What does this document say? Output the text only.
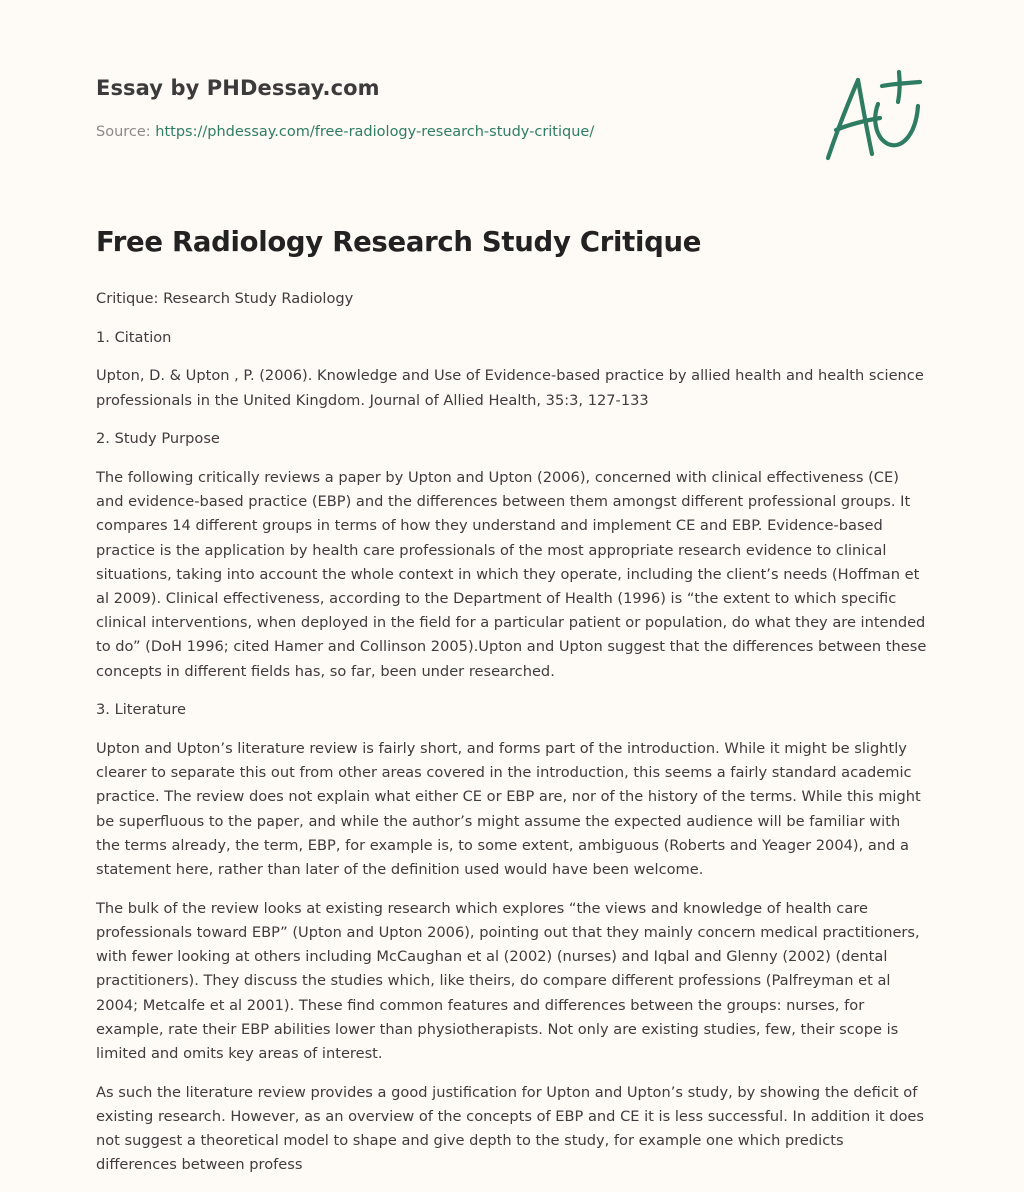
Essay by PHDessay.com
Source: https://phdessay.com/free-radiology-research-study-critique/
Free Radiology Research Study Critique

Critique: Research Study Radiology

1. Citation

Upton, D. & Upton , P. (2006). Knowledge and Use of Evidence-based practice by allied health and health science professionals in the United Kingdom. Journal of Allied Health, 35:3, 127-133

2. Study Purpose

The following critically reviews a paper by Upton and Upton (2006), concerned with clinical effectiveness (CE) and evidence-based practice (EBP) and the differences between them amongst different professional groups. It compares 14 different groups in terms of how they understand and implement CE and EBP. Evidence-based practice is the application by health care professionals of the most appropriate research evidence to clinical situations, taking into account the whole context in which they operate, including the client’s needs (Hoffman et al 2009). Clinical effectiveness, according to the Department of Health (1996) is “the extent to which specific clinical interventions, when deployed in the field for a particular patient or population, do what they are intended to do” (DoH 1996; cited Hamer and Collinson 2005).Upton and Upton suggest that the differences between these concepts in different fields has, so far, been under researched.

3. Literature

Upton and Upton’s literature review is fairly short, and forms part of the introduction. While it might be slightly clearer to separate this out from other areas covered in the introduction, this seems a fairly standard academic practice. The review does not explain what either CE or EBP are, nor of the history of the terms. While this might be superfluous to the paper, and while the author’s might assume the expected audience will be familiar with the terms already, the term, EBP, for example is, to some extent, ambiguous (Roberts and Yeager 2004), and a statement here, rather than later of the definition used would have been welcome.

The bulk of the review looks at existing research which explores “the views and knowledge of health care professionals toward EBP” (Upton and Upton 2006), pointing out that they mainly concern medical practitioners, with fewer looking at others including McCaughan et al (2002) (nurses) and Iqbal and Glenny (2002) (dental practitioners). They discuss the studies which, like theirs, do compare different professions (Palfreyman et al 2004; Metcalfe et al 2001). These find common features and differences between the groups: nurses, for example, rate their EBP abilities lower than physiotherapists. Not only are existing studies, few, their scope is limited and omits key areas of interest.

As such the literature review provides a good justification for Upton and Upton’s study, by showing the deficit of existing research. However, as an overview of the concepts of EBP and CE it is less successful. In addition it does not suggest a theoretical model to shape and give depth to the study, for example one which predicts differences between profess
